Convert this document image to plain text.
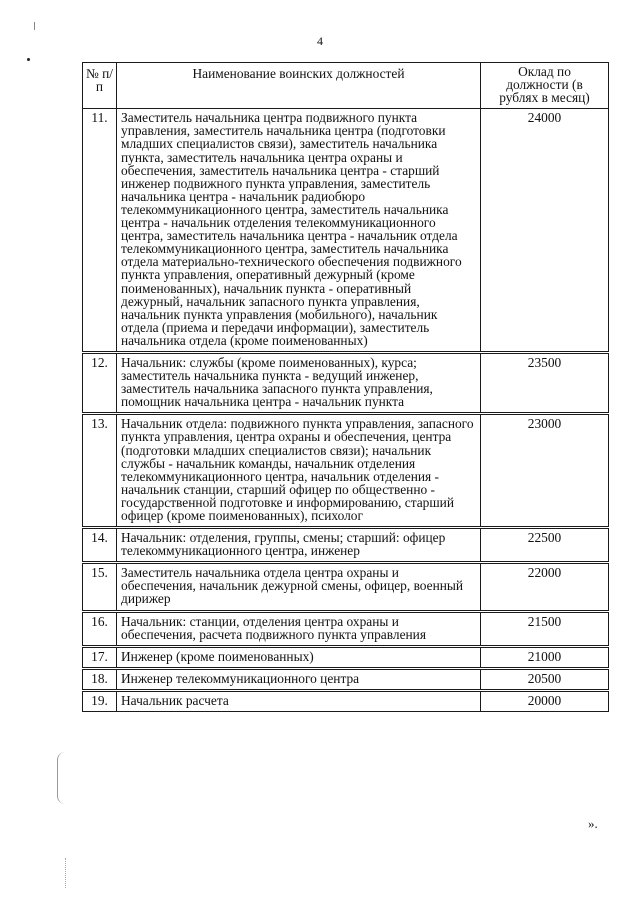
4
№ п/п	Наименование воинских должностей	Оклад по должности (в рублях в месяц)
11.	Заместитель начальника центра подвижного пункта управления, заместитель начальника центра (подготовки младших специалистов связи), заместитель начальника пункта, заместитель начальника центра охраны и обеспечения, заместитель начальника центра - старший инженер подвижного пункта управления, заместитель начальника центра - начальник радиобюро телекоммуникационного центра, заместитель начальника центра - начальник отделения телекоммуникационного центра, заместитель начальника центра - начальник отдела телекоммуникационного центра, заместитель начальника отдела материально-технического обеспечения подвижного пункта управления, оперативный дежурный (кроме поименованных), начальник пункта - оперативный дежурный, начальник запасного пункта управления, начальник пункта управления (мобильного), начальник отдела (приема и передачи информации), заместитель начальника отдела (кроме поименованных)	24000
12.	Начальник: службы (кроме поименованных), курса; заместитель начальника пункта - ведущий инженер, заместитель начальника запасного пункта управления, помощник начальника центра - начальник пункта	23500
13.	Начальник отдела: подвижного пункта управления, запасного пункта управления, центра охраны и обеспечения, центра (подготовки младших специалистов связи); начальник службы - начальник команды, начальник отделения телекоммуникационного центра, начальник отделения - начальник станции, старший офицер по общественно - государственной подготовке и информированию, старший офицер (кроме поименованных), психолог	23000
14.	Начальник: отделения, группы, смены; старший: офицер телекоммуникационного центра, инженер	22500
15.	Заместитель начальника отдела центра охраны и обеспечения, начальник дежурной смены, офицер, военный дирижер	22000
16.	Начальник: станции, отделения центра охраны и обеспечения, расчета подвижного пункта управления	21500
17.	Инженер (кроме поименованных)	21000
18.	Инженер телекоммуникационного центра	20500
19.	Начальник расчета	20000
».
